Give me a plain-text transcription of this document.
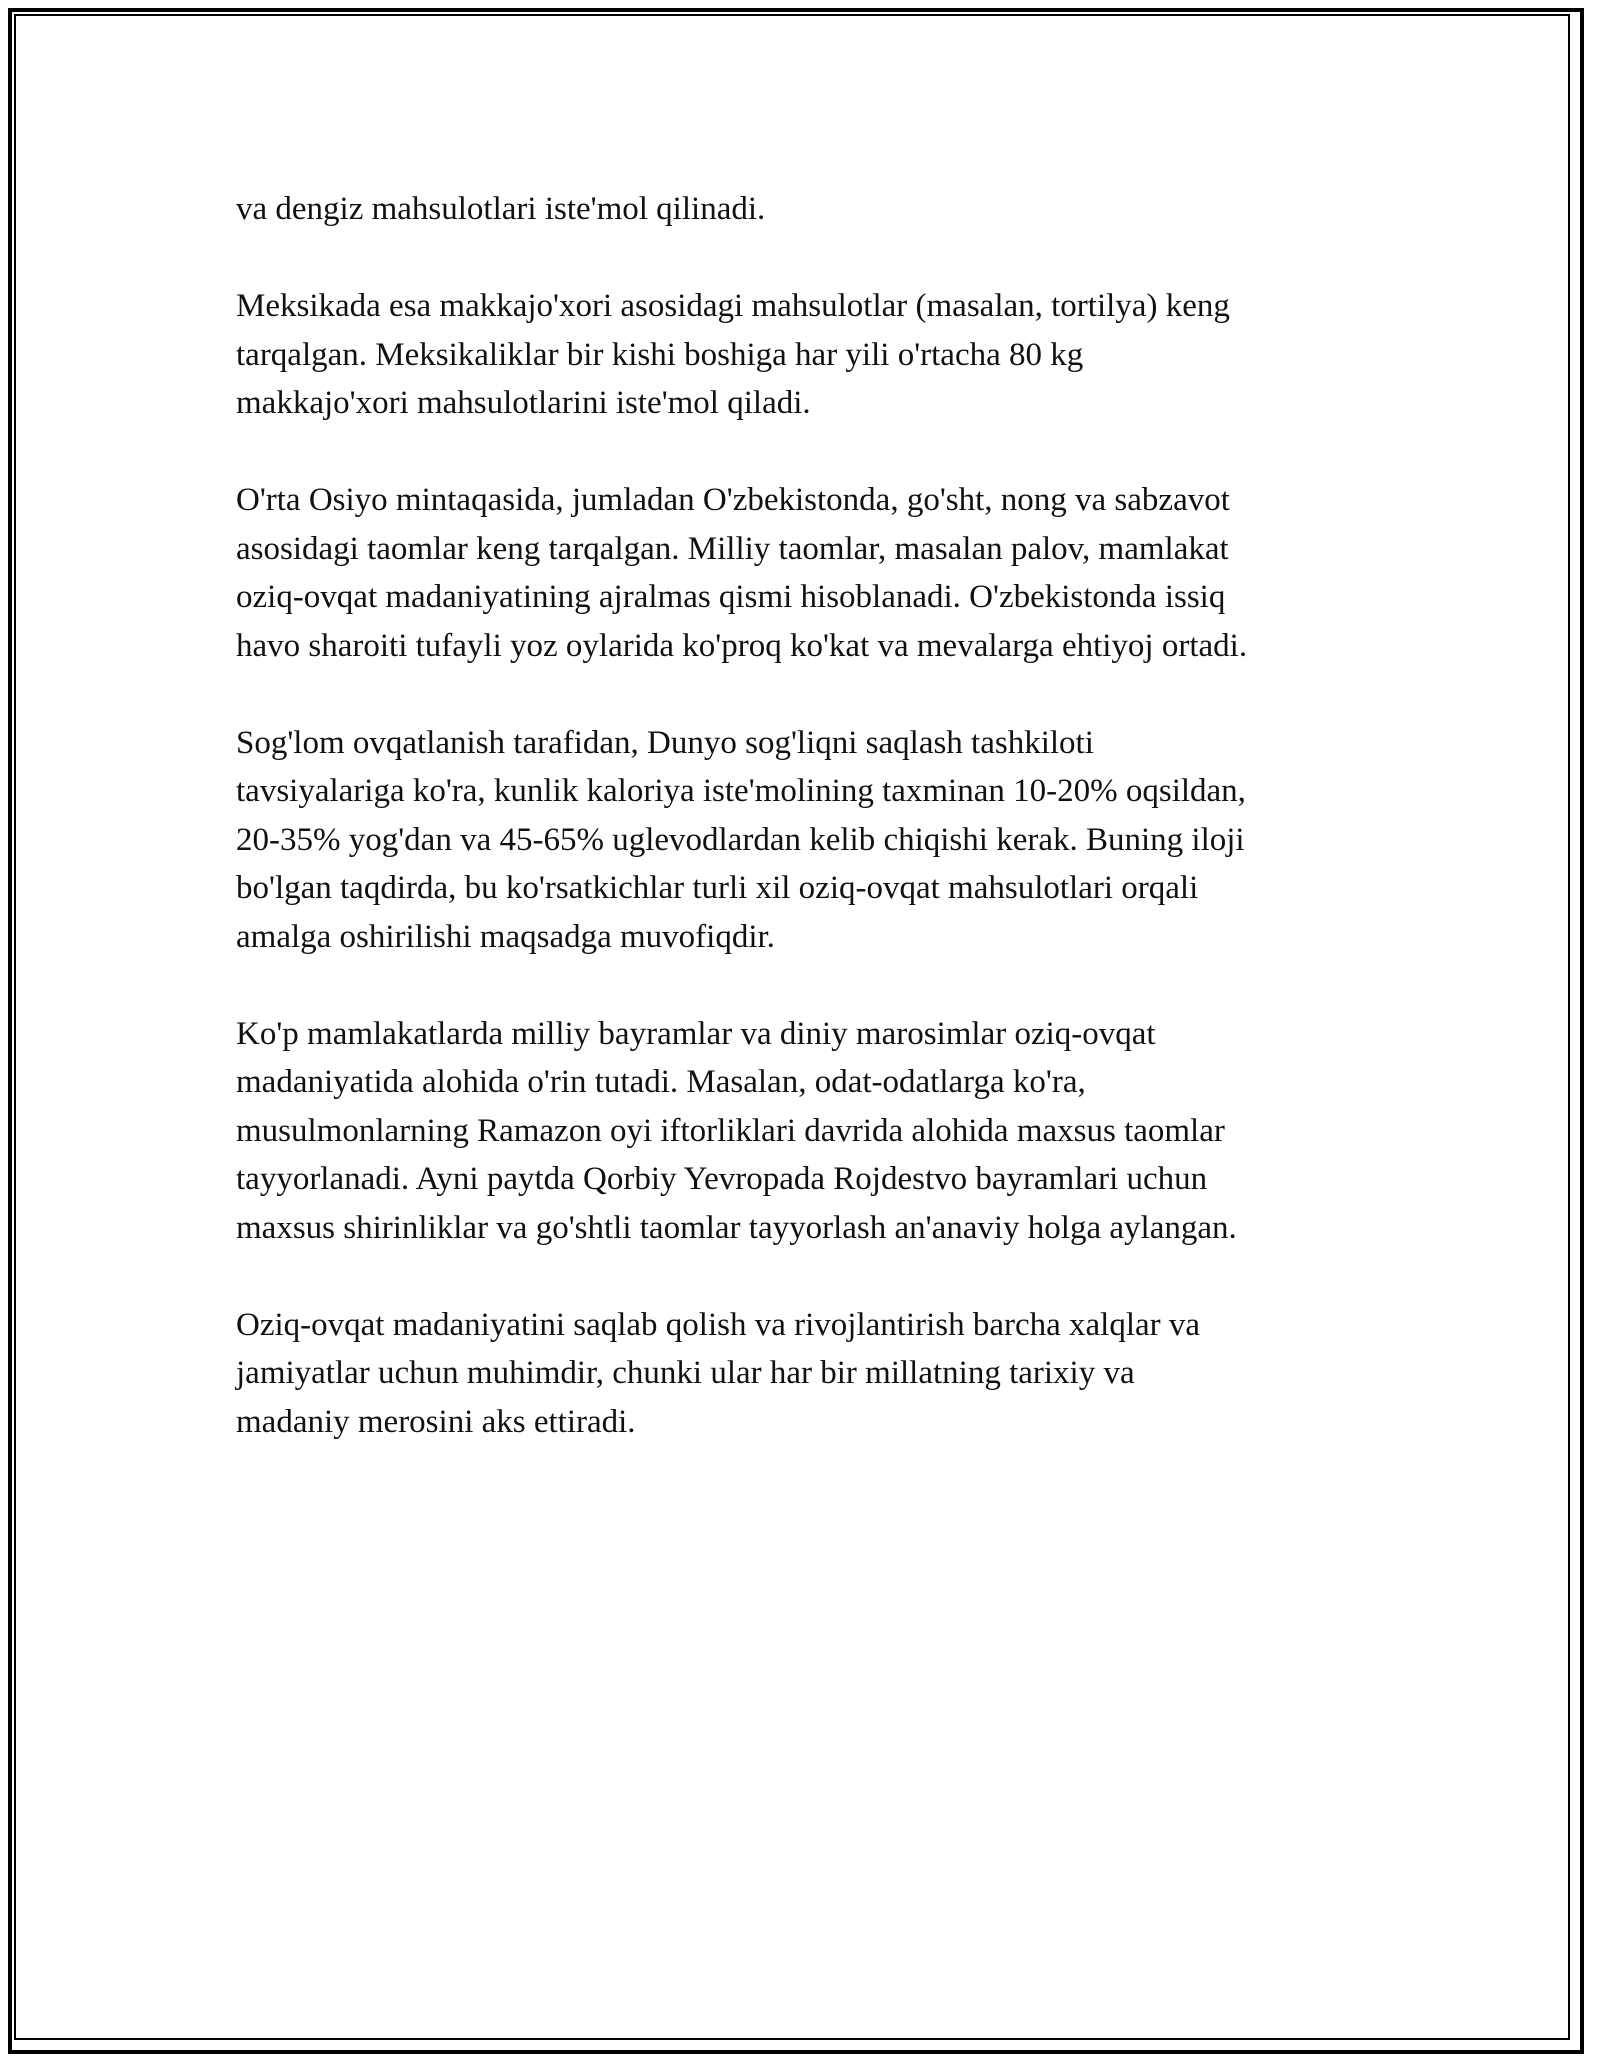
va dengiz mahsulotlari iste'mol qilinadi.

Meksikada esa makkajo'xori asosidagi mahsulotlar (masalan, tortilya) keng
tarqalgan. Meksikaliklar bir kishi boshiga har yili o'rtacha 80 kg
makkajo'xori mahsulotlarini iste'mol qiladi.

O'rta Osiyo mintaqasida, jumladan O'zbekistonda, go'sht, nong va sabzavot
asosidagi taomlar keng tarqalgan. Milliy taomlar, masalan palov, mamlakat
oziq-ovqat madaniyatining ajralmas qismi hisoblanadi. O'zbekistonda issiq
havo sharoiti tufayli yoz oylarida ko'proq ko'kat va mevalarga ehtiyoj ortadi.

Sog'lom ovqatlanish tarafidan, Dunyo sog'liqni saqlash tashkiloti
tavsiyalariga ko'ra, kunlik kaloriya iste'molining taxminan 10-20% oqsildan,
20-35% yog'dan va 45-65% uglevodlardan kelib chiqishi kerak. Buning iloji
bo'lgan taqdirda, bu ko'rsatkichlar turli xil oziq-ovqat mahsulotlari orqali
amalga oshirilishi maqsadga muvofiqdir.

Ko'p mamlakatlarda milliy bayramlar va diniy marosimlar oziq-ovqat
madaniyatida alohida o'rin tutadi. Masalan, odat-odatlarga ko'ra,
musulmonlarning Ramazon oyi iftorliklari davrida alohida maxsus taomlar
tayyorlanadi. Ayni paytda Qorbiy Yevropada Rojdestvo bayramlari uchun
maxsus shirinliklar va go'shtli taomlar tayyorlash an'anaviy holga aylangan.

Oziq-ovqat madaniyatini saqlab qolish va rivojlantirish barcha xalqlar va
jamiyatlar uchun muhimdir, chunki ular har bir millatning tarixiy va
madaniy merosini aks ettiradi.
